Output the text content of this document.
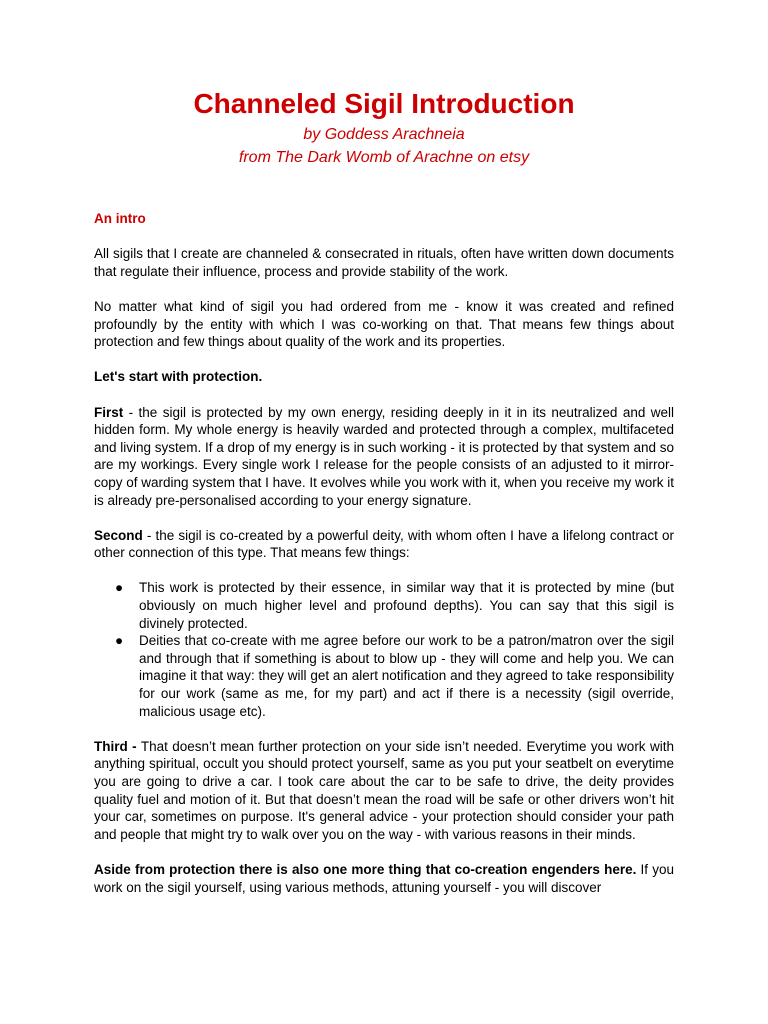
Channeled Sigil Introduction
by Goddess Arachneia
from The Dark Womb of Arachne on etsy

An intro

All sigils that I create are channeled & consecrated in rituals, often have written down documents that regulate their influence, process and provide stability of the work.

No matter what kind of sigil you had ordered from me - know it was created and refined profoundly by the entity with which I was co-working on that. That means few things about protection and few things about quality of the work and its properties.

Let's start with protection.

First - the sigil is protected by my own energy, residing deeply in it in its neutralized and well hidden form. My whole energy is heavily warded and protected through a complex, multifaceted and living system. If a drop of my energy is in such working - it is protected by that system and so are my workings. Every single work I release for the people consists of an adjusted to it mirror-copy of warding system that I have. It evolves while you work with it, when you receive my work it is already pre-personalised according to your energy signature.

Second - the sigil is co-created by a powerful deity, with whom often I have a lifelong contract or other connection of this type. That means few things:

● This work is protected by their essence, in similar way that it is protected by mine (but obviously on much higher level and profound depths). You can say that this sigil is divinely protected.
● Deities that co-create with me agree before our work to be a patron/matron over the sigil and through that if something is about to blow up - they will come and help you. We can imagine it that way: they will get an alert notification and they agreed to take responsibility for our work (same as me, for my part) and act if there is a necessity (sigil override, malicious usage etc).

Third - That doesn’t mean further protection on your side isn’t needed. Everytime you work with anything spiritual, occult you should protect yourself, same as you put your seatbelt on everytime you are going to drive a car. I took care about the car to be safe to drive, the deity provides quality fuel and motion of it. But that doesn’t mean the road will be safe or other drivers won’t hit your car, sometimes on purpose. It's general advice - your protection should consider your path and people that might try to walk over you on the way - with various reasons in their minds.

Aside from protection there is also one more thing that co-creation engenders here. If you work on the sigil yourself, using various methods, attuning yourself - you will discover
